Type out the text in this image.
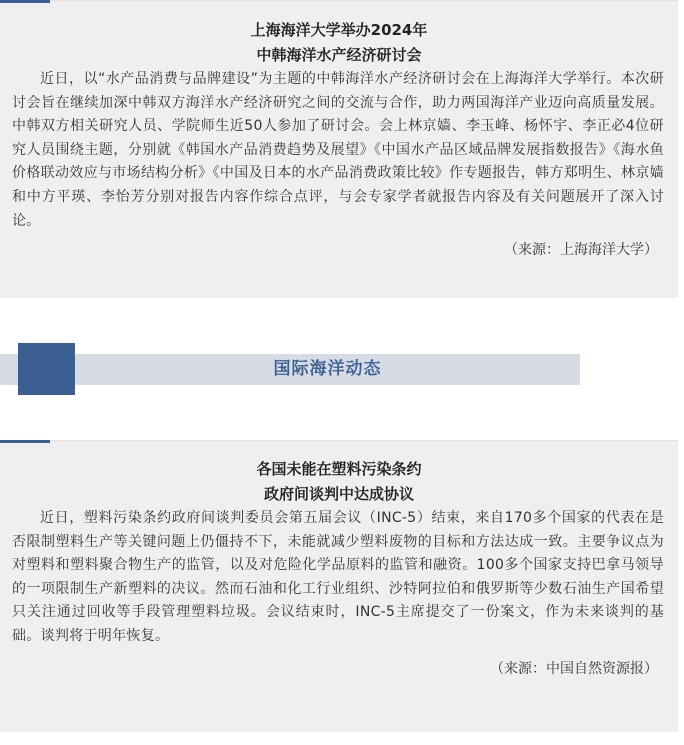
上海海洋大学举办2024年
中韩海洋水产经济研讨会

近日，以“水产品消费与品牌建设”为主题的中韩海洋水产经济研讨会在上海海洋大学举行。本次研讨会旨在继续加深中韩双方海洋水产经济研究之间的交流与合作，助力两国海洋产业迈向高质量发展。中韩双方相关研究人员、学院师生近50人参加了研讨会。会上林京嫱、李玉峰、杨怀宇、李正必4位研究人员围绕主题，分别就《韩国水产品消费趋势及展望》《中国水产品区域品牌发展指数报告》《海水鱼价格联动效应与市场结构分析》《中国及日本的水产品消费政策比较》作专题报告，韩方郑明生、林京嫱和中方平瑛、李怡芳分别对报告内容作综合点评，与会专家学者就报告内容及有关问题展开了深入讨论。

（来源：上海海洋大学）
国际海洋动态
各国未能在塑料污染条约
政府间谈判中达成协议

近日，塑料污染条约政府间谈判委员会第五届会议（INC-5）结束，来自170多个国家的代表在是否限制塑料生产等关键问题上仍僵持不下，未能就减少塑料废物的目标和方法达成一致。主要争议点为对塑料和塑料聚合物生产的监管，以及对危险化学品原料的监管和融资。100多个国家支持巴拿马领导的一项限制生产新塑料的决议。然而石油和化工行业组织、沙特阿拉伯和俄罗斯等少数石油生产国希望只关注通过回收等手段管理塑料垃圾。会议结束时，INC-5主席提交了一份案文，作为未来谈判的基础。谈判将于明年恢复。

（来源：中国自然资源报）
